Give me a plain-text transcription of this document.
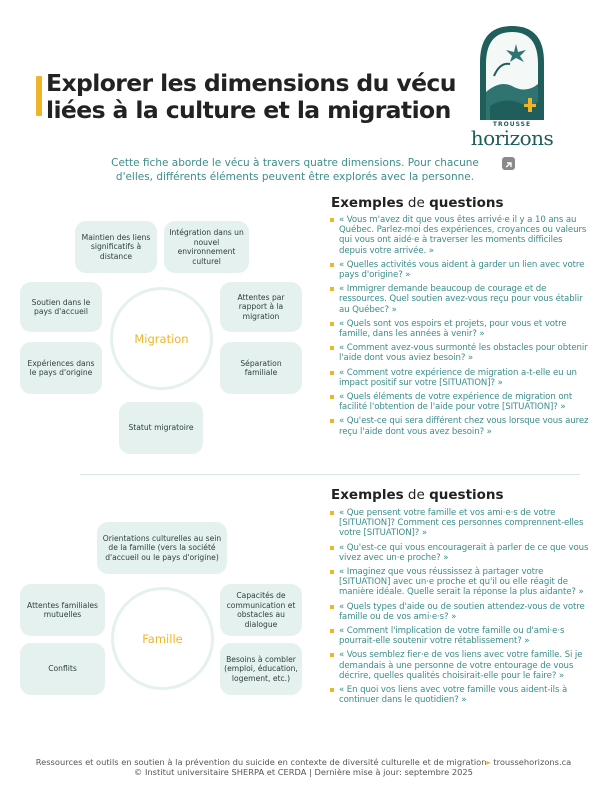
Explorer les dimensions du vécu liées à la culture et la migration
TROUSSE
horizons
Cette fiche aborde le vécu à travers quatre dimensions. Pour chacune d'elles, différents éléments peuvent être explorés avec la personne.
Maintien des liens significatifs à distance
Intégration dans un nouvel environnement culturel
Soutien dans le pays d'accueil
Attentes par rapport à la migration
Expériences dans le pays d'origine
Séparation familiale
Statut migratoire
Migration
Exemples de questions
« Vous m'avez dit que vous êtes arrivé·e il y a 10 ans au Québec. Parlez-moi des expériences, croyances ou valeurs qui vous ont aidé·e à traverser les moments difficiles depuis votre arrivée. »
« Quelles activités vous aident à garder un lien avec votre pays d'origine? »
« Immigrer demande beaucoup de courage et de ressources. Quel soutien avez-vous reçu pour vous établir au Québec? »
« Quels sont vos espoirs et projets, pour vous et votre famille, dans les années à venir? »
« Comment avez-vous surmonté les obstacles pour obtenir l'aide dont vous aviez besoin? »
« Comment votre expérience de migration a-t-elle eu un impact positif sur votre [SITUATION]? »
« Quels éléments de votre expérience de migration ont facilité l'obtention de l'aide pour votre [SITUATION]? »
« Qu'est-ce qui sera différent chez vous lorsque vous aurez reçu l'aide dont vous avez besoin? »
Orientations culturelles au sein de la famille (vers la société d'accueil ou le pays d'origine)
Attentes familiales mutuelles
Capacités de communication et obstacles au dialogue
Conflits
Besoins à combler (emploi, éducation, logement, etc.)
Famille
Exemples de questions
« Que pensent votre famille et vos ami·e·s de votre [SITUATION]? Comment ces personnes comprennent-elles votre [SITUATION]? »
« Qu'est-ce qui vous encouragerait à parler de ce que vous vivez avec un·e proche? »
« Imaginez que vous réussissez à partager votre [SITUATION] avec un·e proche et qu'il ou elle réagit de manière idéale. Quelle serait la réponse la plus aidante? »
« Quels types d'aide ou de soutien attendez-vous de votre famille ou de vos ami·e·s? »
« Comment l'implication de votre famille ou d'ami·e·s pourrait-elle soutenir votre rétablissement? »
« Vous semblez fier·e de vos liens avec votre famille. Si je demandais à une personne de votre entourage de vous décrire, quelles qualités choisirait-elle pour le faire? »
« En quoi vos liens avec votre famille vous aident-ils à continuer dans le quotidien? »
Ressources et outils en soutien à la prévention du suicide en contexte de diversité culturelle et de migration▸ troussehorizons.ca
© Institut universitaire SHERPA et CERDA | Dernière mise à jour: septembre 2025
